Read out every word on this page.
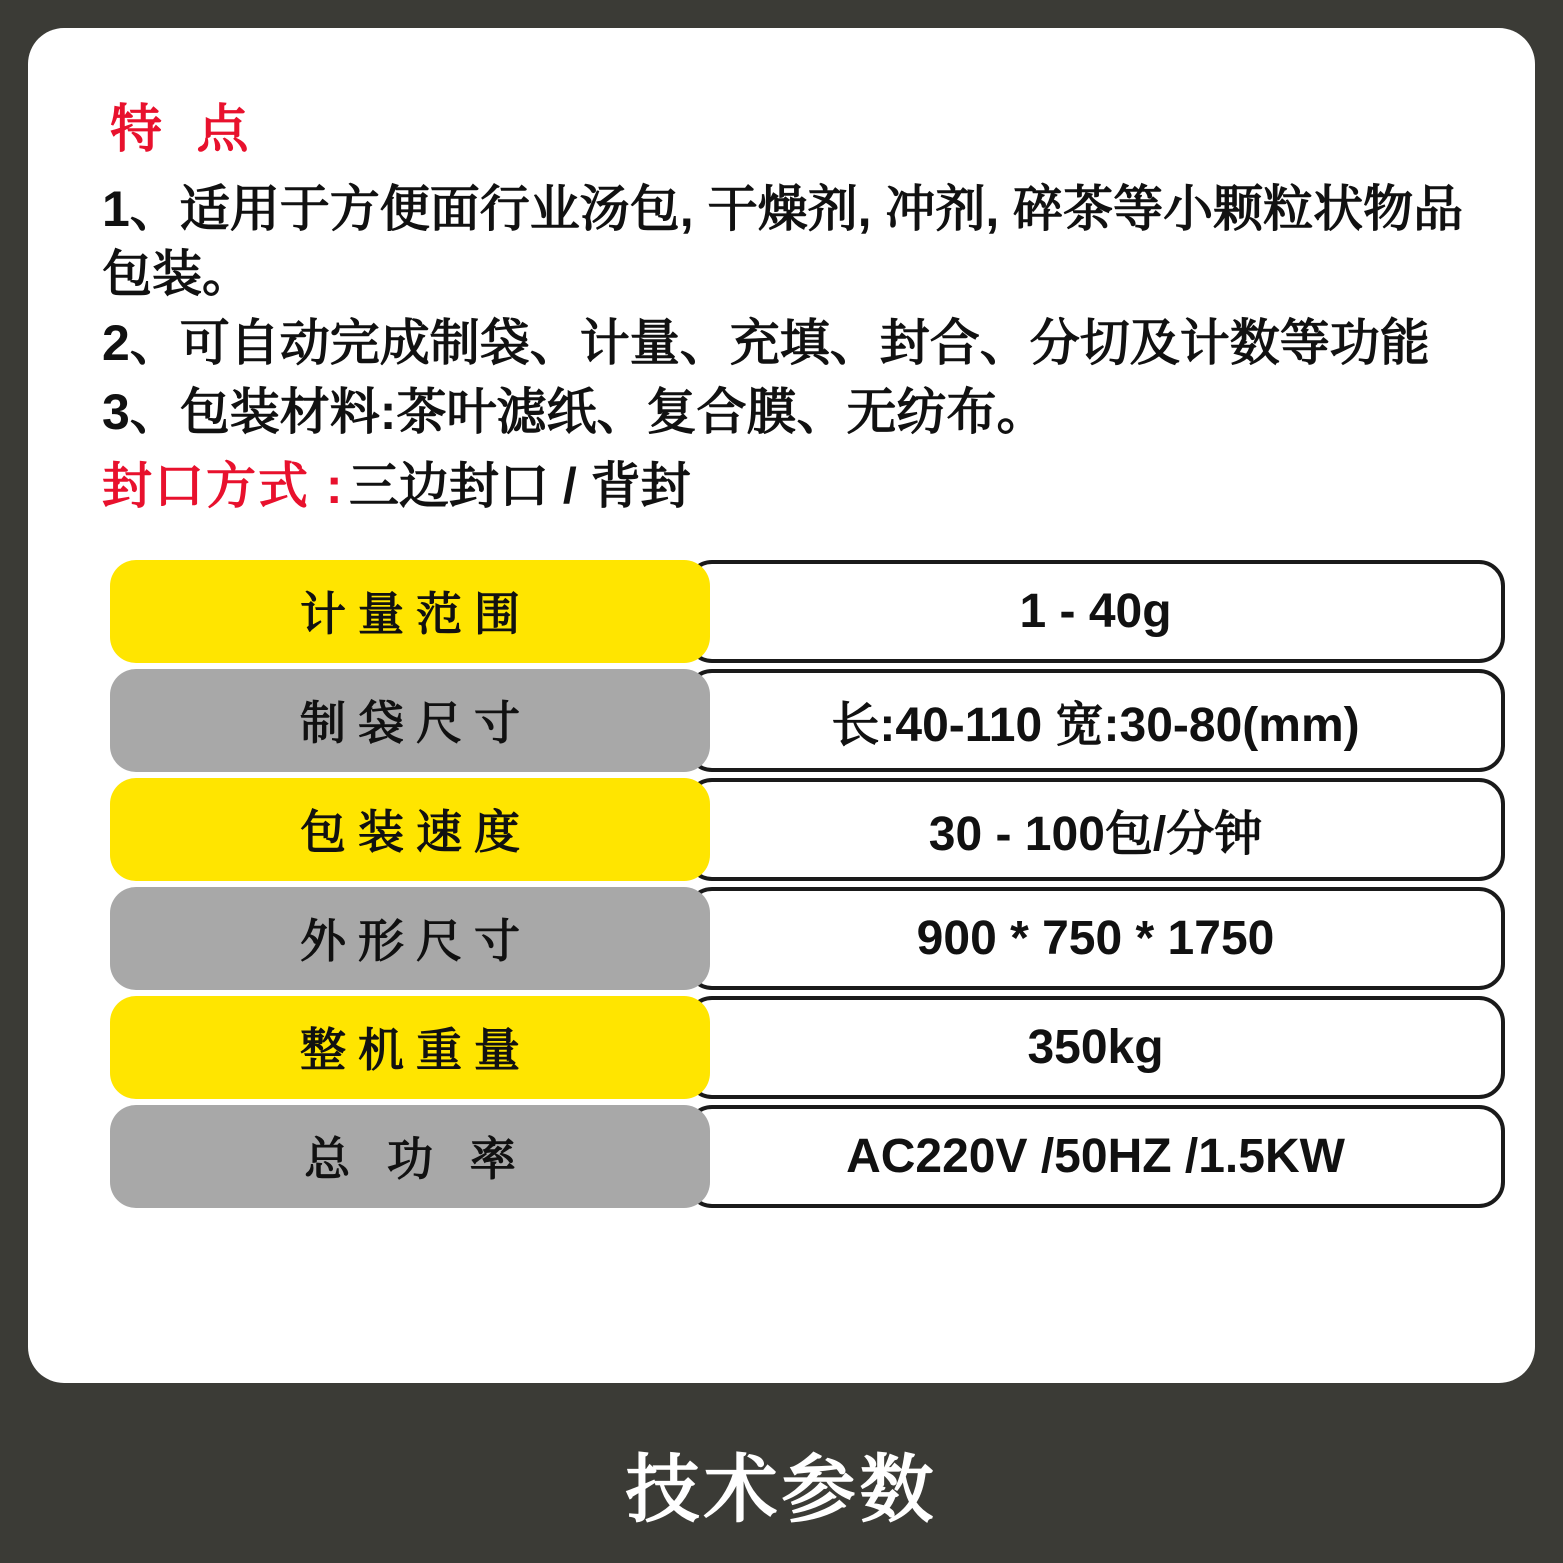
特 点
1、适用于方便面行业汤包, 干燥剂, 冲剂, 碎茶等小颗粒状物品包装。
2、可自动完成制袋、计量、充填、封合、分切及计数等功能
3、包装材料:茶叶滤纸、复合膜、无纺布。
封口方式 : 三边封口 / 背封
计量范围	1 - 40g
制袋尺寸	长:40-110 宽:30-80(mm)
包装速度	30 - 100包/分钟
外形尺寸	900 * 750 * 1750
整机重量	350kg
总 功 率	AC220V /50HZ /1.5KW
技术参数
